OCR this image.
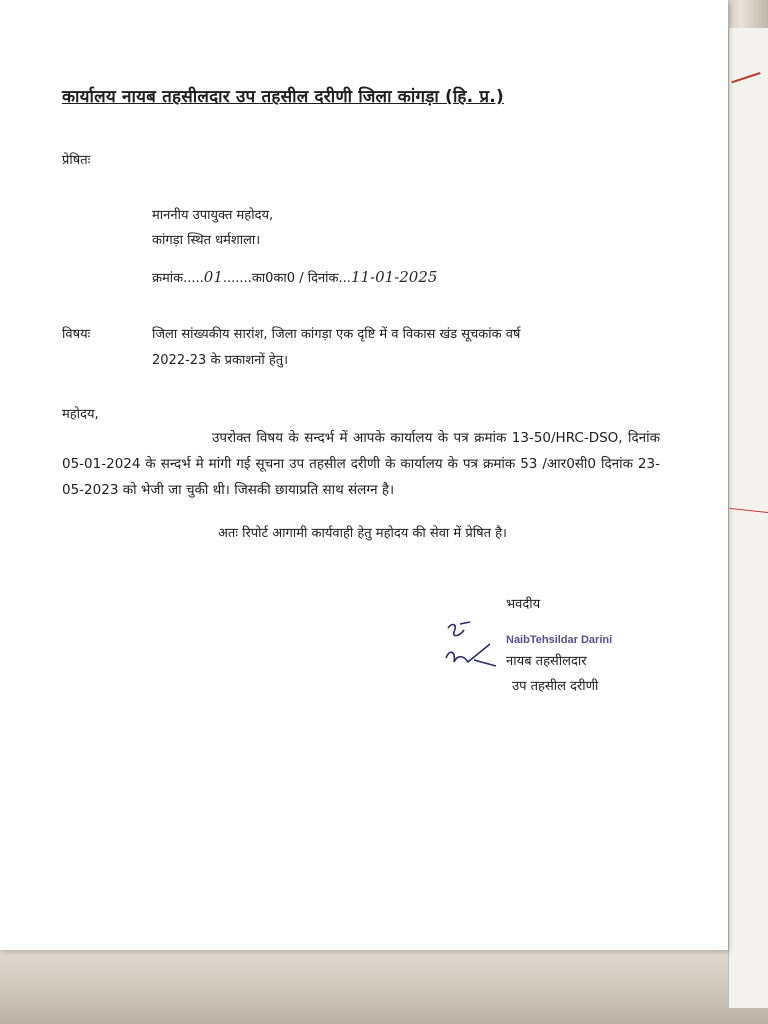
कार्यालय नायब तहसीलदार उप तहसील दरीणी जिला कांगड़ा (हि. प्र.)
प्रेषितः
माननीय उपायुक्त महोदय,
कांगड़ा स्थित धर्मशाला।
क्रमांक.....01.......का0का0 / दिनांक...11-01-2025
विषयः	जिला सांख्यकीय सारांश, जिला कांगड़ा एक दृष्टि में व विकास खंड सूचकांक वर्ष
2022-23 के प्रकाशनों हेतु।
महोदय,
उपरोक्त विषय के सन्दर्भ में आपके कार्यालय के पत्र क्रमांक 13-50/HRC-DSO, दिनांक 05-01-2024 के सन्दर्भ मे मांगी गई सूचना उप तहसील दरीणी के कार्यालय के पत्र क्रमांक 53 /आर0सी0 दिनांक 23-05-2023 को भेजी जा चुकी थी। जिसकी छायाप्रति साथ संलग्न है।
अतः रिपोर्ट आगामी कार्यवाही हेतु महोदय की सेवा में प्रेषित है।
भवदीय
NaibTehsildar Darini
नायब तहसीलदार
उप तहसील दरीणी
